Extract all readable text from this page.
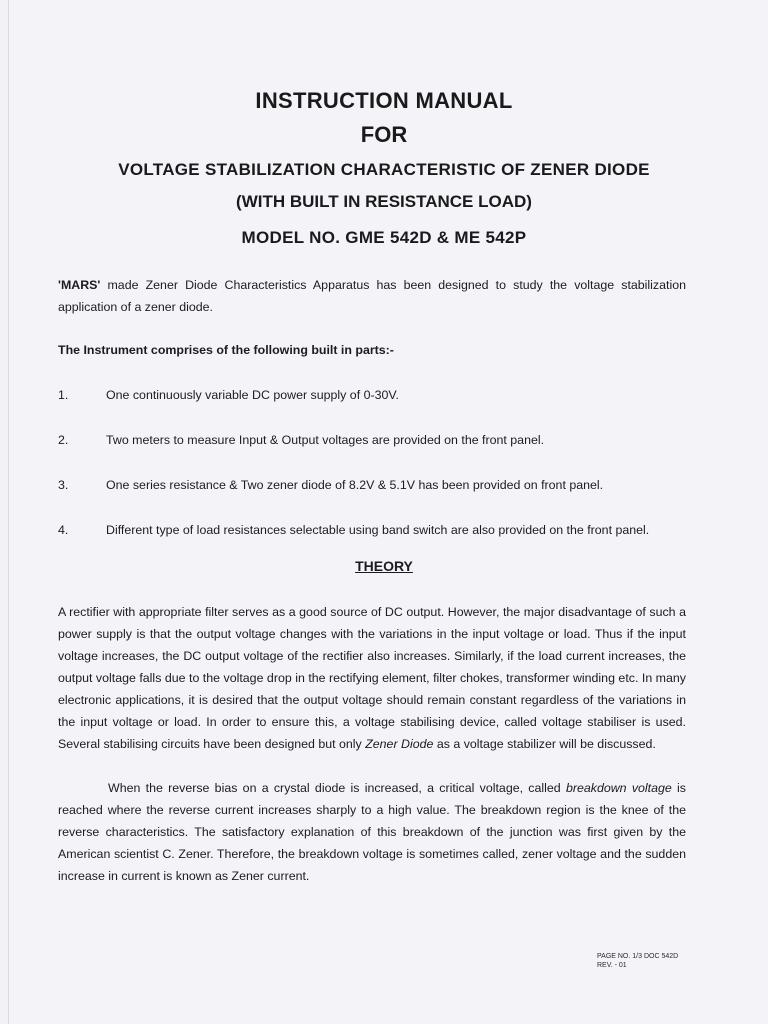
INSTRUCTION MANUAL
FOR
VOLTAGE STABILIZATION CHARACTERISTIC OF ZENER DIODE
(WITH BUILT IN RESISTANCE LOAD)
MODEL NO. GME 542D & ME 542P
'MARS' made Zener Diode Characteristics Apparatus has been designed to study the voltage stabilization application of a zener diode.
The Instrument comprises of the following built in parts:-
1.	One continuously variable DC power supply of 0-30V.
2.	Two meters to measure Input & Output voltages are provided on the front panel.
3.	One series resistance & Two zener diode of 8.2V & 5.1V has been provided on front panel.
4.	Different type of load resistances selectable using band switch are also provided on the front panel.
THEORY
A rectifier with appropriate filter serves as a good source of DC output. However, the major disadvantage of such a power supply is that the output voltage changes with the variations in the input voltage or load. Thus if the input voltage increases, the DC output voltage of the rectifier also increases. Similarly, if the load current increases, the output voltage falls due to the voltage drop in the rectifying element, filter chokes, transformer winding etc. In many electronic applications, it is desired that the output voltage should remain constant regardless of the variations in the input voltage or load. In order to ensure this, a voltage stabilising device, called voltage stabiliser is used. Several stabilising circuits have been designed but only Zener Diode as a voltage stabilizer will be discussed.
When the reverse bias on a crystal diode is increased, a critical voltage, called breakdown voltage is reached where the reverse current increases sharply to a high value. The breakdown region is the knee of the reverse characteristics. The satisfactory explanation of this breakdown of the junction was first given by the American scientist C. Zener. Therefore, the breakdown voltage is sometimes called, zener voltage and the sudden increase in current is known as Zener current.
PAGE NO. 1/3 DOC 542D
REV. - 01
